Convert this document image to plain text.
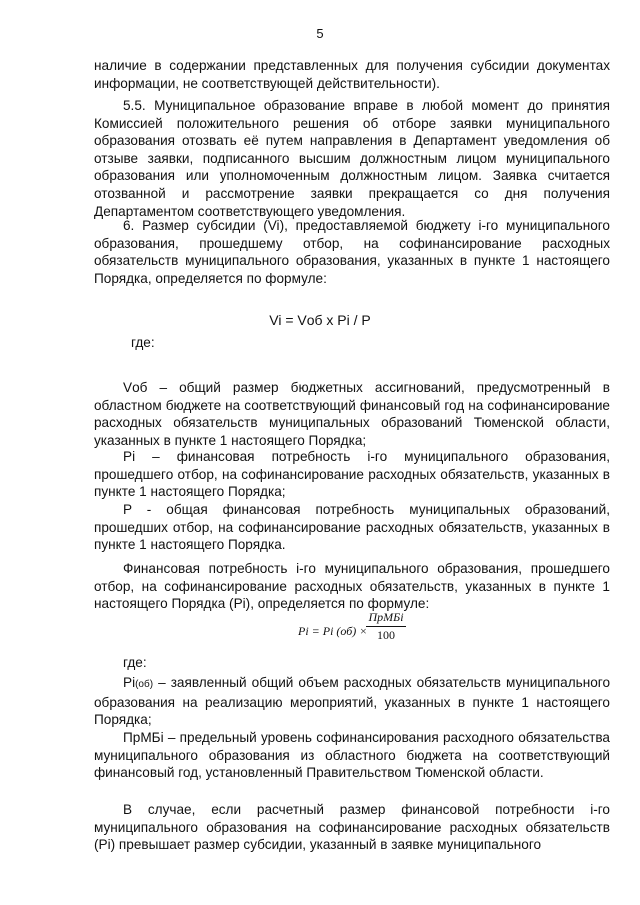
5

наличие в содержании представленных для получения субсидии документах информации, не соответствующей действительности).

5.5. Муниципальное образование вправе в любой момент до принятия Комиссией положительного решения об отборе заявки муниципального образования отозвать её путем направления в Департамент уведомления об отзыве заявки, подписанного высшим должностным лицом муниципального образования или уполномоченным должностным лицом. Заявка считается отозванной и рассмотрение заявки прекращается со дня получения Департаментом соответствующего уведомления.

6. Размер субсидии (Vi), предоставляемой бюджету i-го муниципального образования, прошедшему отбор, на софинансирование расходных обязательств муниципального образования, указанных в пункте 1 настоящего Порядка, определяется по формуле:

Vi = Vоб x Pi / P

где:

Vоб – общий размер бюджетных ассигнований, предусмотренный в областном бюджете на соответствующий финансовый год на софинансирование расходных обязательств муниципальных образований Тюменской области, указанных в пункте 1 настоящего Порядка;

Pi – финансовая потребность i-го муниципального образования, прошедшего отбор, на софинансирование расходных обязательств, указанных в пункте 1 настоящего Порядка;

P - общая финансовая потребность муниципальных образований, прошедших отбор, на софинансирование расходных обязательств, указанных в пункте 1 настоящего Порядка.

Финансовая потребность i-го муниципального образования, прошедшего отбор, на софинансирование расходных обязательств, указанных в пункте 1 настоящего Порядка (Pi), определяется по формуле:

Pi = Pi (об) ×
ПрМБi
100

где:

Pi(об) – заявленный общий объем расходных обязательств муниципального образования на реализацию мероприятий, указанных в пункте 1 настоящего Порядка;

ПрМБi – предельный уровень софинансирования расходного обязательства муниципального образования из областного бюджета на соответствующий финансовый год, установленный Правительством Тюменской области.

В случае, если расчетный размер финансовой потребности i-го муниципального образования на софинансирование расходных обязательств (Pi) превышает размер субсидии, указанный в заявке муниципального
